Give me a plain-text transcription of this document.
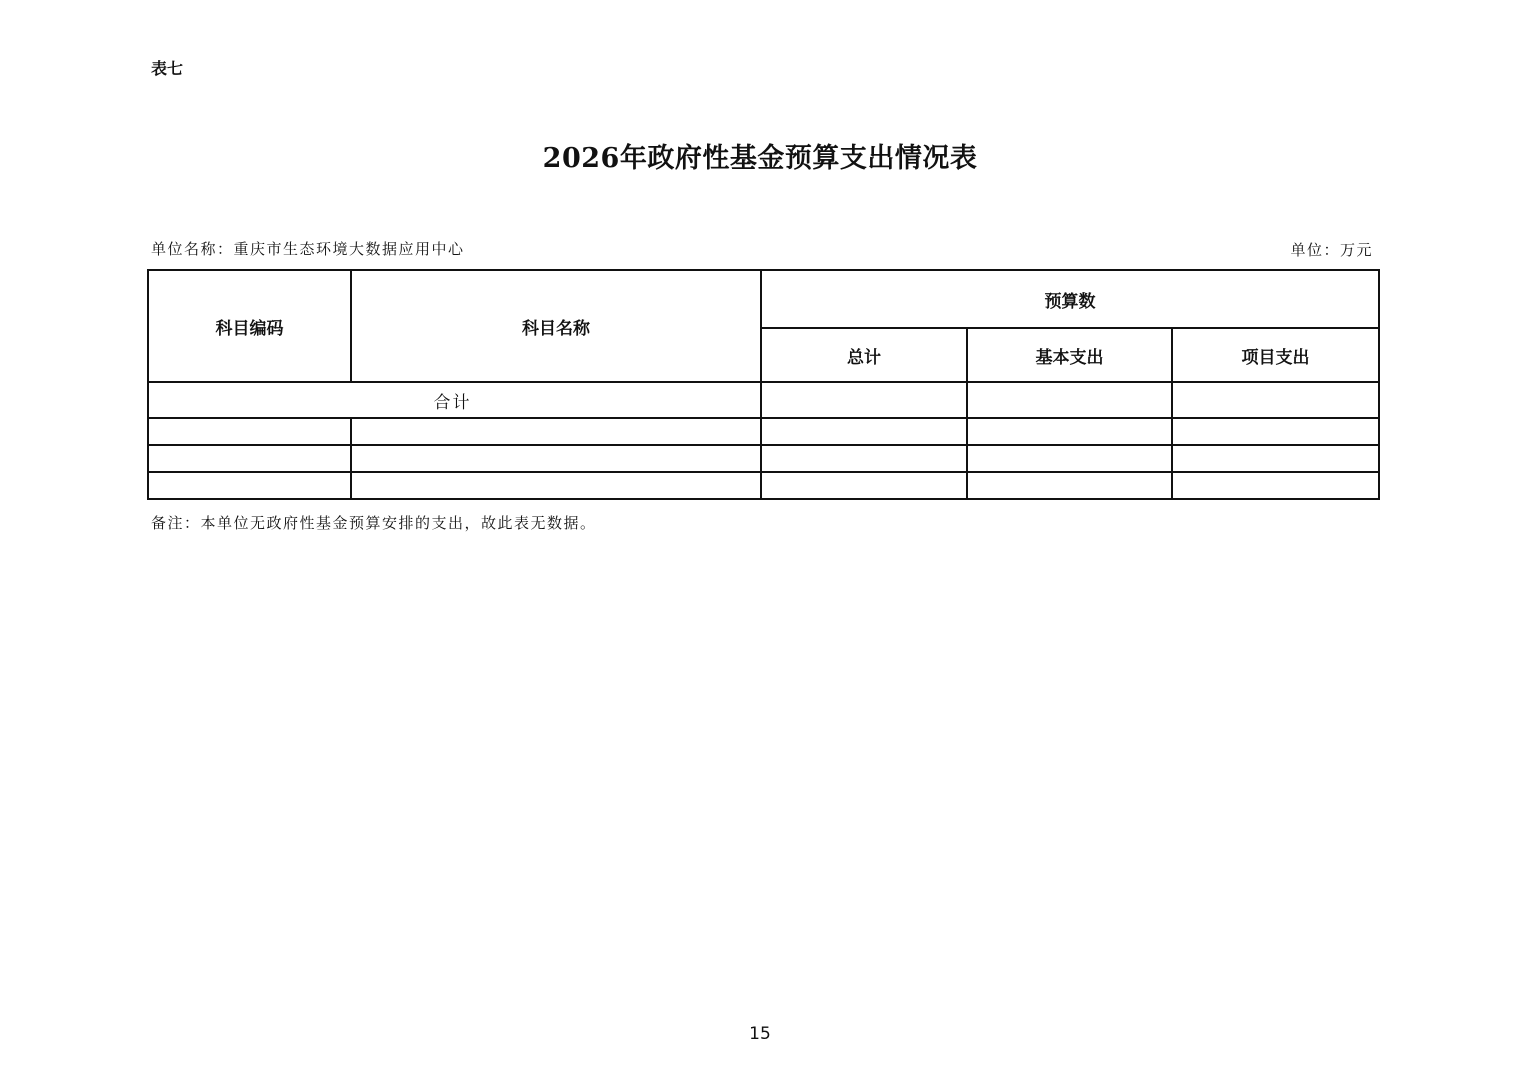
表七
2026年政府性基金预算支出情况表
单位名称：重庆市生态环境大数据应用中心	单位：万元
科目编码	科目名称	预算数		
		总计	基本支出	项目支出
合计				

备注：本单位无政府性基金预算安排的支出，故此表无数据。
15
